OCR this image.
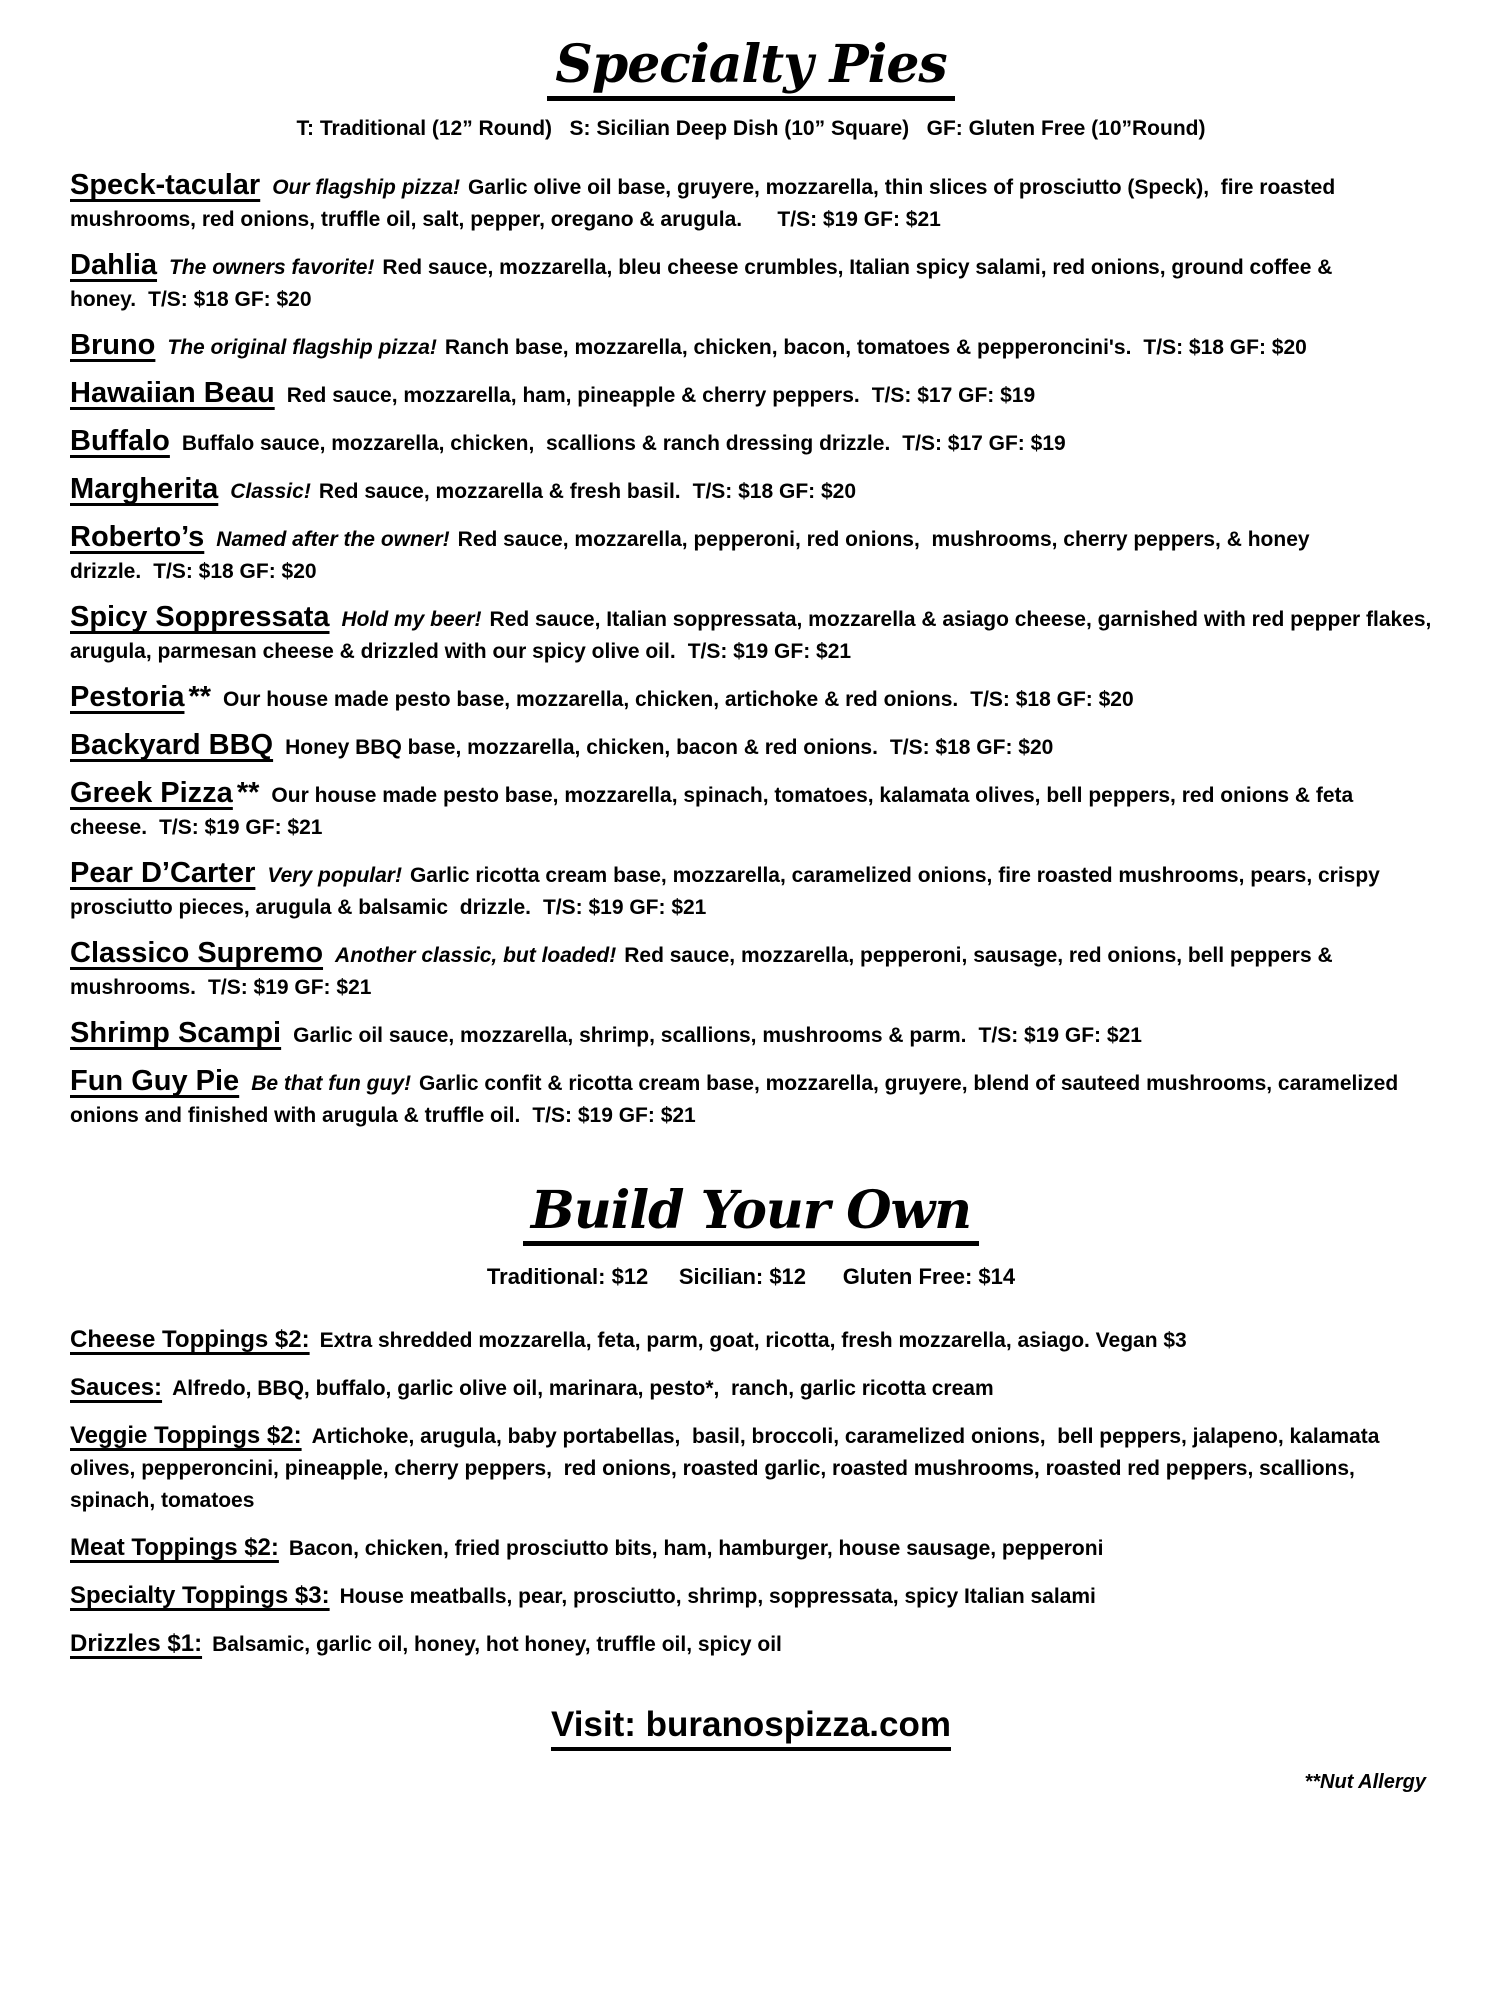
Specialty Pies
T: Traditional (12” Round)   S: Sicilian Deep Dish (10” Square)   GF: Gluten Free (10”Round)
Speck-tacular Our flagship pizza! Garlic olive oil base, gruyere, mozzarella, thin slices of prosciutto (Speck),  fire roasted mushrooms, red onions, truffle oil, salt, pepper, oregano & arugula.    T/S: $19 GF: $21
Dahlia The owners favorite! Red sauce, mozzarella, bleu cheese crumbles, Italian spicy salami, red onions, ground coffee & honey. T/S: $18 GF: $20
Bruno The original flagship pizza! Ranch base, mozzarella, chicken, bacon, tomatoes & pepperoncini's. T/S: $18 GF: $20
Hawaiian Beau Red sauce, mozzarella, ham, pineapple & cherry peppers. T/S: $17 GF: $19
Buffalo Buffalo sauce, mozzarella, chicken,  scallions & ranch dressing drizzle. T/S: $17 GF: $19
Margherita Classic! Red sauce, mozzarella & fresh basil. T/S: $18 GF: $20
Roberto’s Named after the owner! Red sauce, mozzarella, pepperoni, red onions,  mushrooms, cherry peppers, & honey drizzle. T/S: $18 GF: $20
Spicy Soppressata Hold my beer! Red sauce, Italian soppressata, mozzarella & asiago cheese, garnished with red pepper flakes, arugula, parmesan cheese & drizzled with our spicy olive oil. T/S: $19 GF: $21
Pestoria ** Our house made pesto base, mozzarella, chicken, artichoke & red onions. T/S: $18 GF: $20
Backyard BBQ Honey BBQ base, mozzarella, chicken, bacon & red onions. T/S: $18 GF: $20
Greek Pizza ** Our house made pesto base, mozzarella, spinach, tomatoes, kalamata olives, bell peppers, red onions & feta cheese. T/S: $19 GF: $21
Pear D’Carter Very popular! Garlic ricotta cream base, mozzarella, caramelized onions, fire roasted mushrooms, pears, crispy prosciutto pieces, arugula & balsamic  drizzle. T/S: $19 GF: $21
Classico Supremo Another classic, but loaded! Red sauce, mozzarella, pepperoni, sausage, red onions, bell peppers & mushrooms. T/S: $19 GF: $21
Shrimp Scampi Garlic oil sauce, mozzarella, shrimp, scallions, mushrooms & parm. T/S: $19 GF: $21
Fun Guy Pie Be that fun guy! Garlic confit & ricotta cream base, mozzarella, gruyere, blend of sauteed mushrooms, caramelized onions and finished with arugula & truffle oil. T/S: $19 GF: $21
Build Your Own
Traditional: $12     Sicilian: $12      Gluten Free: $14
Cheese Toppings $2: Extra shredded mozzarella, feta, parm, goat, ricotta, fresh mozzarella, asiago. Vegan $3
Sauces: Alfredo, BBQ, buffalo, garlic olive oil, marinara, pesto*,  ranch, garlic ricotta cream
Veggie Toppings $2: Artichoke, arugula, baby portabellas,  basil, broccoli, caramelized onions,  bell peppers, jalapeno, kalamata olives, pepperoncini, pineapple, cherry peppers,  red onions, roasted garlic, roasted mushrooms, roasted red peppers, scallions, spinach, tomatoes
Meat Toppings $2: Bacon, chicken, fried prosciutto bits, ham, hamburger, house sausage, pepperoni
Specialty Toppings $3: House meatballs, pear, prosciutto, shrimp, soppressata, spicy Italian salami
Drizzles $1: Balsamic, garlic oil, honey, hot honey, truffle oil, spicy oil
Visit: buranospizza.com
**Nut Allergy
